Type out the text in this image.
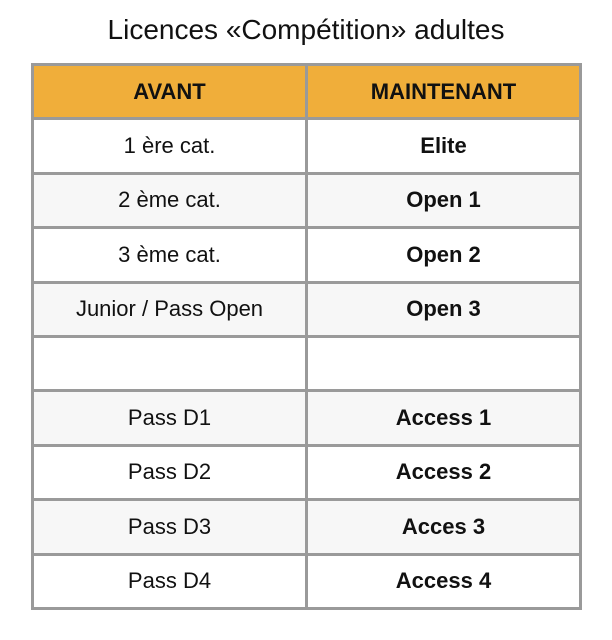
Licences «Compétition» adultes
AVANT	MAINTENANT
1 ère cat.	Elite
2 ème cat.	Open 1
3 ème cat.	Open 2
Junior / Pass Open	Open 3
Pass D1	Access 1
Pass D2	Access 2
Pass D3	Acces 3
Pass D4	Access 4
